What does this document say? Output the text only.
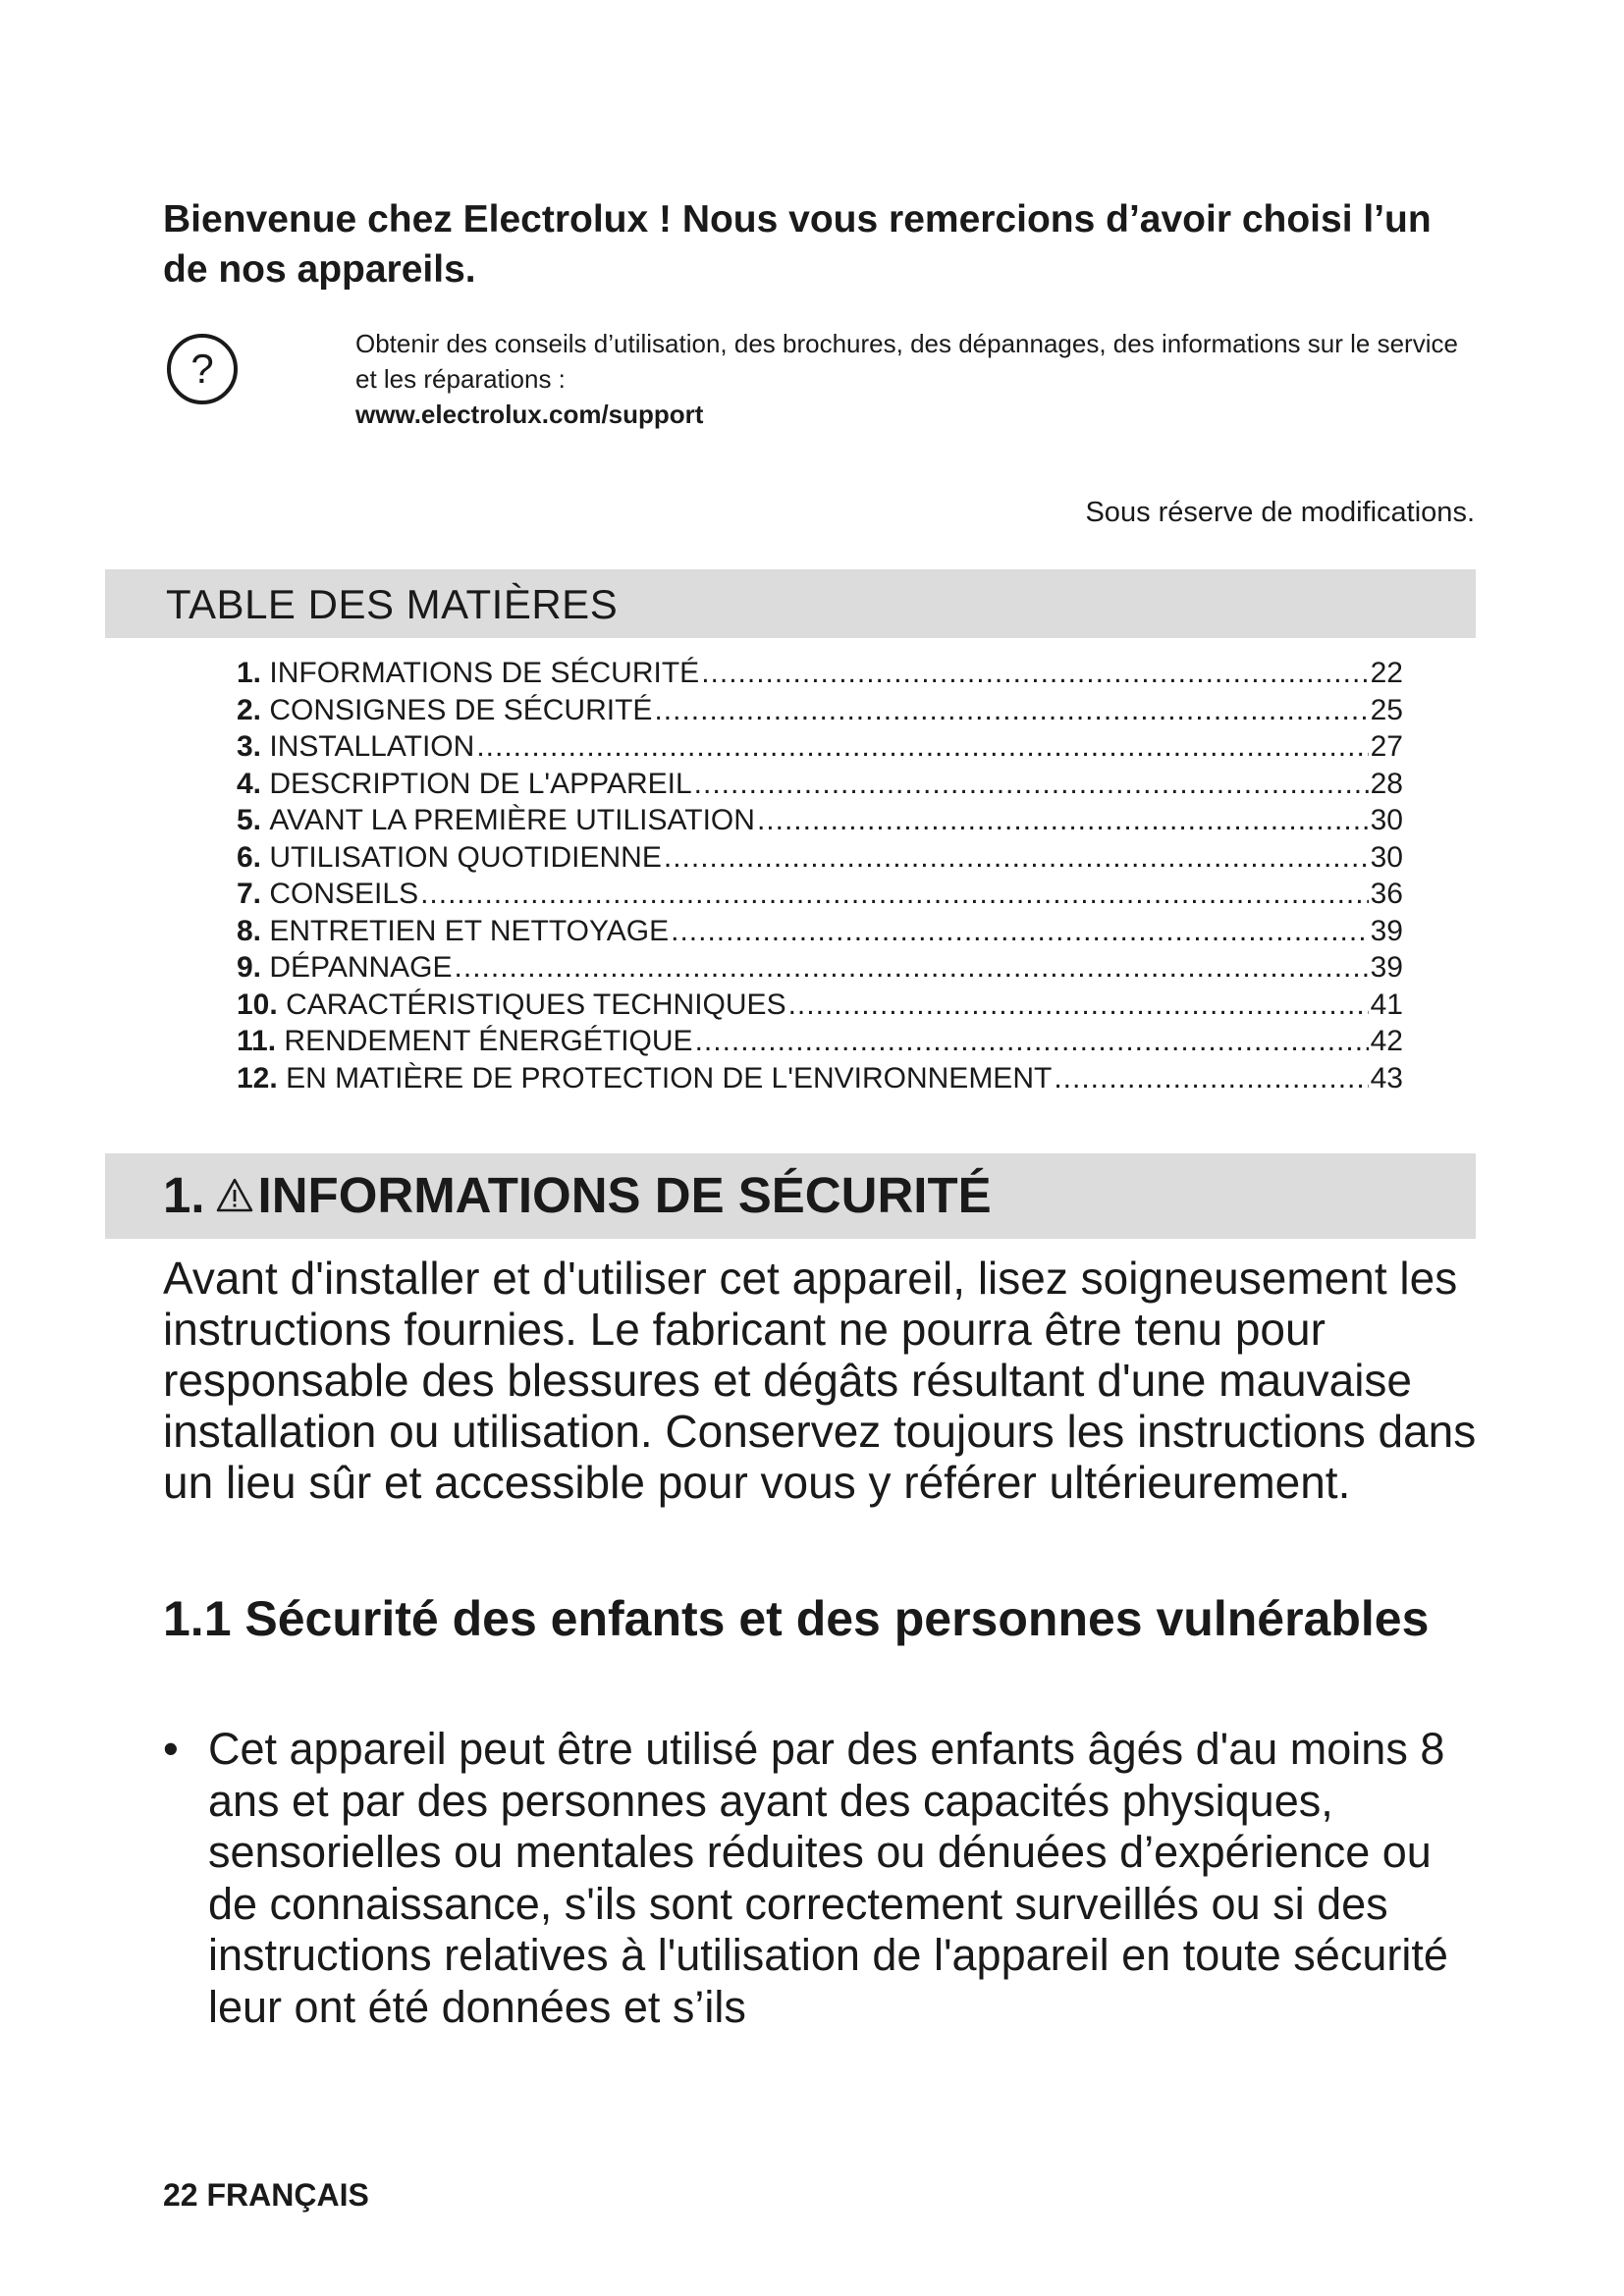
Bienvenue chez Electrolux ! Nous vous remercions d’avoir choisi l’un de nos appareils.
?
Obtenir des conseils d’utilisation, des brochures, des dépannages, des informations sur le service et les réparations :
www.electrolux.com/support
Sous réserve de modifications.
TABLE DES MATIÈRES
1.
INFORMATIONS DE SÉCURITÉ .....	22
2.
CONSIGNES DE SÉCURITÉ .....	25
3.
INSTALLATION .....	27
4.
DESCRIPTION DE L'APPAREIL .....	28
5.
AVANT LA PREMIÈRE UTILISATION .....	30
6.
UTILISATION QUOTIDIENNE .....	30
7.
CONSEILS .....	36
8.
ENTRETIEN ET NETTOYAGE .....	39
9.
DÉPANNAGE .....	39
10.
CARACTÉRISTIQUES TECHNIQUES .....	41
11.
RENDEMENT ÉNERGÉTIQUE .....	42
12.
EN MATIÈRE DE PROTECTION DE L'ENVIRONNEMENT .....	43
1. INFORMATIONS DE SÉCURITÉ

Avant d'installer et d'utiliser cet appareil, lisez soigneusement les instructions fournies. Le fabricant ne pourra être tenu pour responsable des blessures et dégâts résultant d'une mauvaise installation ou utilisation. Conservez toujours les instructions dans un lieu sûr et accessible pour vous y référer ultérieurement.

1.1 Sécurité des enfants et des personnes vulnérables
• Cet appareil peut être utilisé par des enfants âgés d'au moins 8 ans et par des personnes ayant des capacités physiques, sensorielles ou mentales réduites ou dénuées d’expérience ou de connaissance, s'ils sont correctement surveillés ou si des instructions relatives à l'utilisation de l'appareil en toute sécurité leur ont été données et s’ils
22 FRANÇAIS
